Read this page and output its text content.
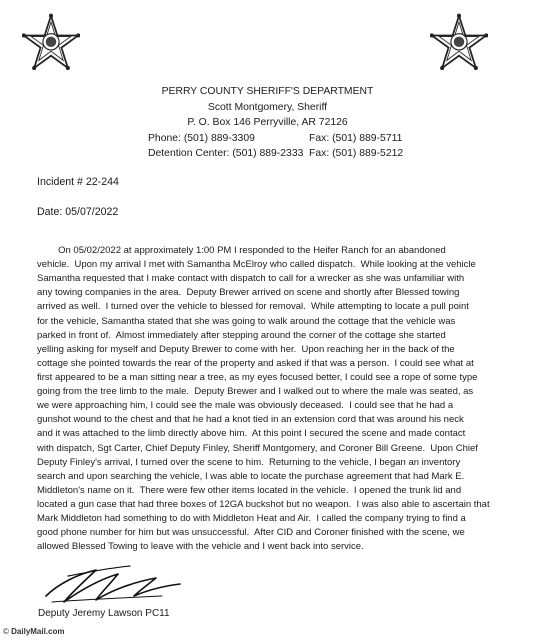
PERRY COUNTY SHERIFF'S DEPARTMENT
Scott Montgomery, Sheriff
P. O. Box 146 Perryville, AR 72126
Phone: (501) 889-3309	Fax: (501) 889-5711
Detention Center: (501) 889-2333 Fax: (501) 889-5212
Incident # 22-244
Date: 05/07/2022
On 05/02/2022 at approximately 1:00 PM I responded to the Heifer Ranch for an abandoned
vehicle.  Upon my arrival I met with Samantha McElroy who called dispatch.  While looking at the vehicle
Samantha requested that I make contact with dispatch to call for a wrecker as she was unfamiliar with
any towing companies in the area.  Deputy Brewer arrived on scene and shortly after Blessed towing
arrived as well.  I turned over the vehicle to blessed for removal.  While attempting to locate a pull point
for the vehicle, Samantha stated that she was going to walk around the cottage that the vehicle was
parked in front of.  Almost immediately after stepping around the corner of the cottage she started
yelling asking for myself and Deputy Brewer to come with her.  Upon reaching her in the back of the
cottage she pointed towards the rear of the property and asked if that was a person.  I could see what at
first appeared to be a man sitting near a tree, as my eyes focused better, I could see a rope of some type
going from the tree limb to the male.  Deputy Brewer and I walked out to where the male was seated, as
we were approaching him, I could see the male was obviously deceased.  I could see that he had a
gunshot wound to the chest and that he had a knot tied in an extension cord that was around his neck
and it was attached to the limb directly above him.  At this point I secured the scene and made contact
with dispatch, Sgt Carter, Chief Deputy Finley, Sheriff Montgomery, and Coroner Bill Greene.  Upon Chief
Deputy Finley's arrival, I turned over the scene to him.  Returning to the vehicle, I began an inventory
search and upon searching the vehicle, I was able to locate the purchase agreement that had Mark E.
Middleton's name on it.  There were few other items located in the vehicle.  I opened the trunk lid and
located a gun case that had three boxes of 12GA buckshot but no weapon.  I was also able to ascertain that
Mark Middleton had something to do with Middleton Heat and Air.  I called the company trying to find a
good phone number for him but was unsuccessful.  After CID and Coroner finished with the scene, we
allowed Blessed Towing to leave with the vehicle and I went back into service.
Deputy Jeremy Lawson PC11
© DailyMail.com
